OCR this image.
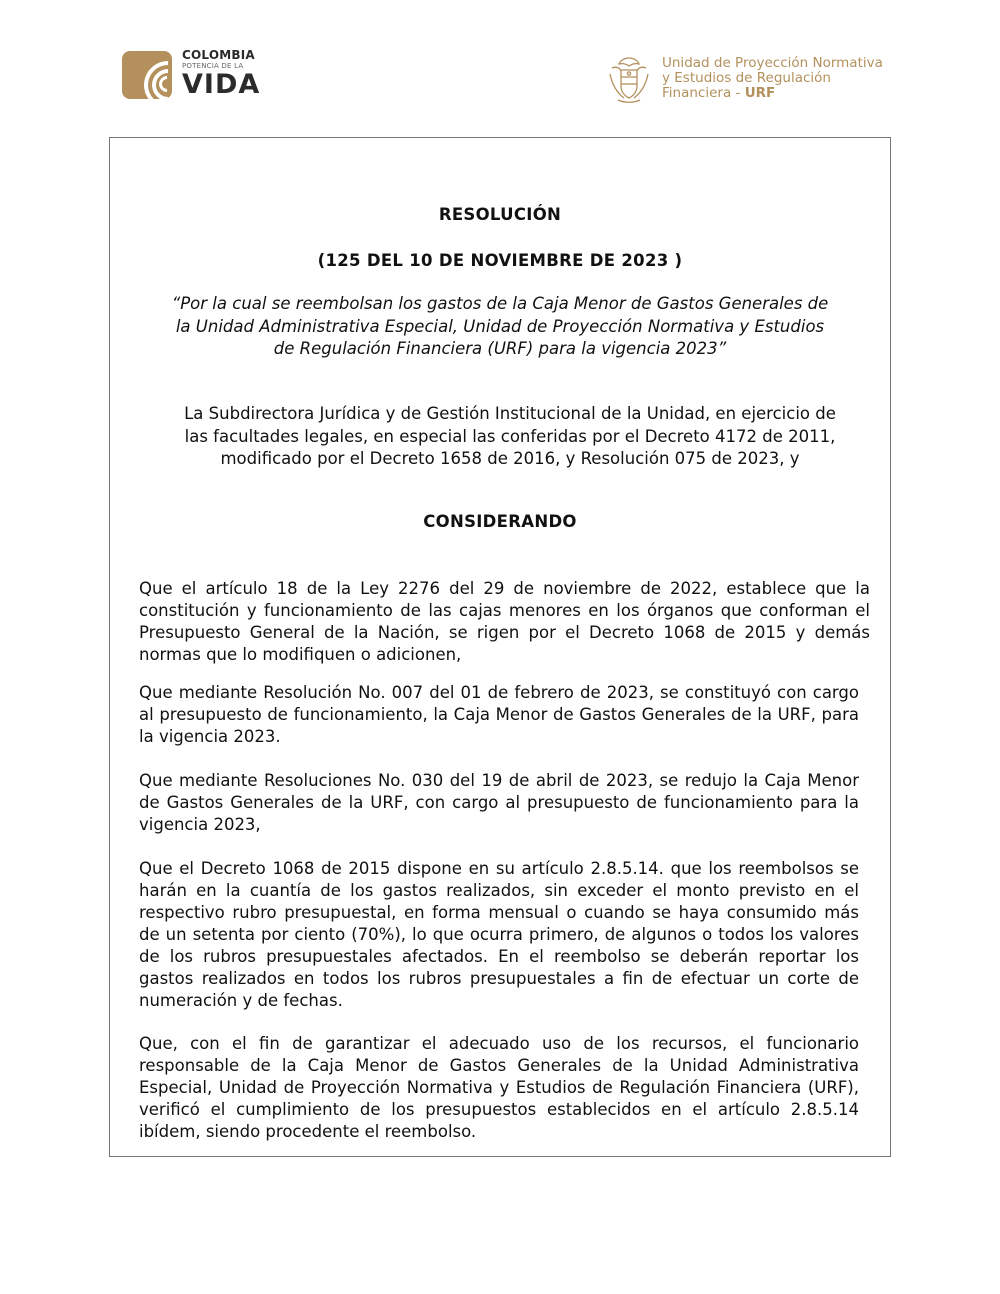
COLOMBIA
POTENCIA DE LA
VIDA
Unidad de Proyección Normativa
y Estudios de Regulación
Financiera - URF
RESOLUCIÓN
(125 DEL 10 DE NOVIEMBRE DE 2023 )
“Por la cual se reembolsan los gastos de la Caja Menor de Gastos Generales de
la Unidad Administrativa Especial, Unidad de Proyección Normativa y Estudios
de Regulación Financiera (URF) para la vigencia 2023”
La Subdirectora Jurídica y de Gestión Institucional de la Unidad, en ejercicio de
las facultades legales, en especial las conferidas por el Decreto 4172 de 2011,
modificado por el Decreto 1658 de 2016, y Resolución 075 de 2023, y
CONSIDERANDO
Que el artículo 18 de la Ley 2276 del 29 de noviembre de 2022, establece que la constitución y funcionamiento de las cajas menores en los órganos que conforman el Presupuesto General de la Nación, se rigen por el Decreto 1068 de 2015 y demás normas que lo modifiquen o adicionen,
Que mediante Resolución No. 007 del 01 de febrero de 2023, se constituyó con cargo al presupuesto de funcionamiento, la Caja Menor de Gastos Generales de la URF, para la vigencia 2023.
Que mediante Resoluciones No. 030 del 19 de abril de 2023, se redujo la Caja Menor de Gastos Generales de la URF, con cargo al presupuesto de funcionamiento para la vigencia 2023,
Que el Decreto 1068 de 2015 dispone en su artículo 2.8.5.14. que los reembolsos se harán en la cuantía de los gastos realizados, sin exceder el monto previsto en el respectivo rubro presupuestal, en forma mensual o cuando se haya consumido más de un setenta por ciento (70%), lo que ocurra primero, de algunos o todos los valores de los rubros presupuestales afectados. En el reembolso se deberán reportar los gastos realizados en todos los rubros presupuestales a fin de efectuar un corte de numeración y de fechas.
Que, con el fin de garantizar el adecuado uso de los recursos, el funcionario responsable de la Caja Menor de Gastos Generales de la Unidad Administrativa Especial, Unidad de Proyección Normativa y Estudios de Regulación Financiera (URF), verificó el cumplimiento de los presupuestos establecidos en el artículo 2.8.5.14 ibídem, siendo procedente el reembolso.
